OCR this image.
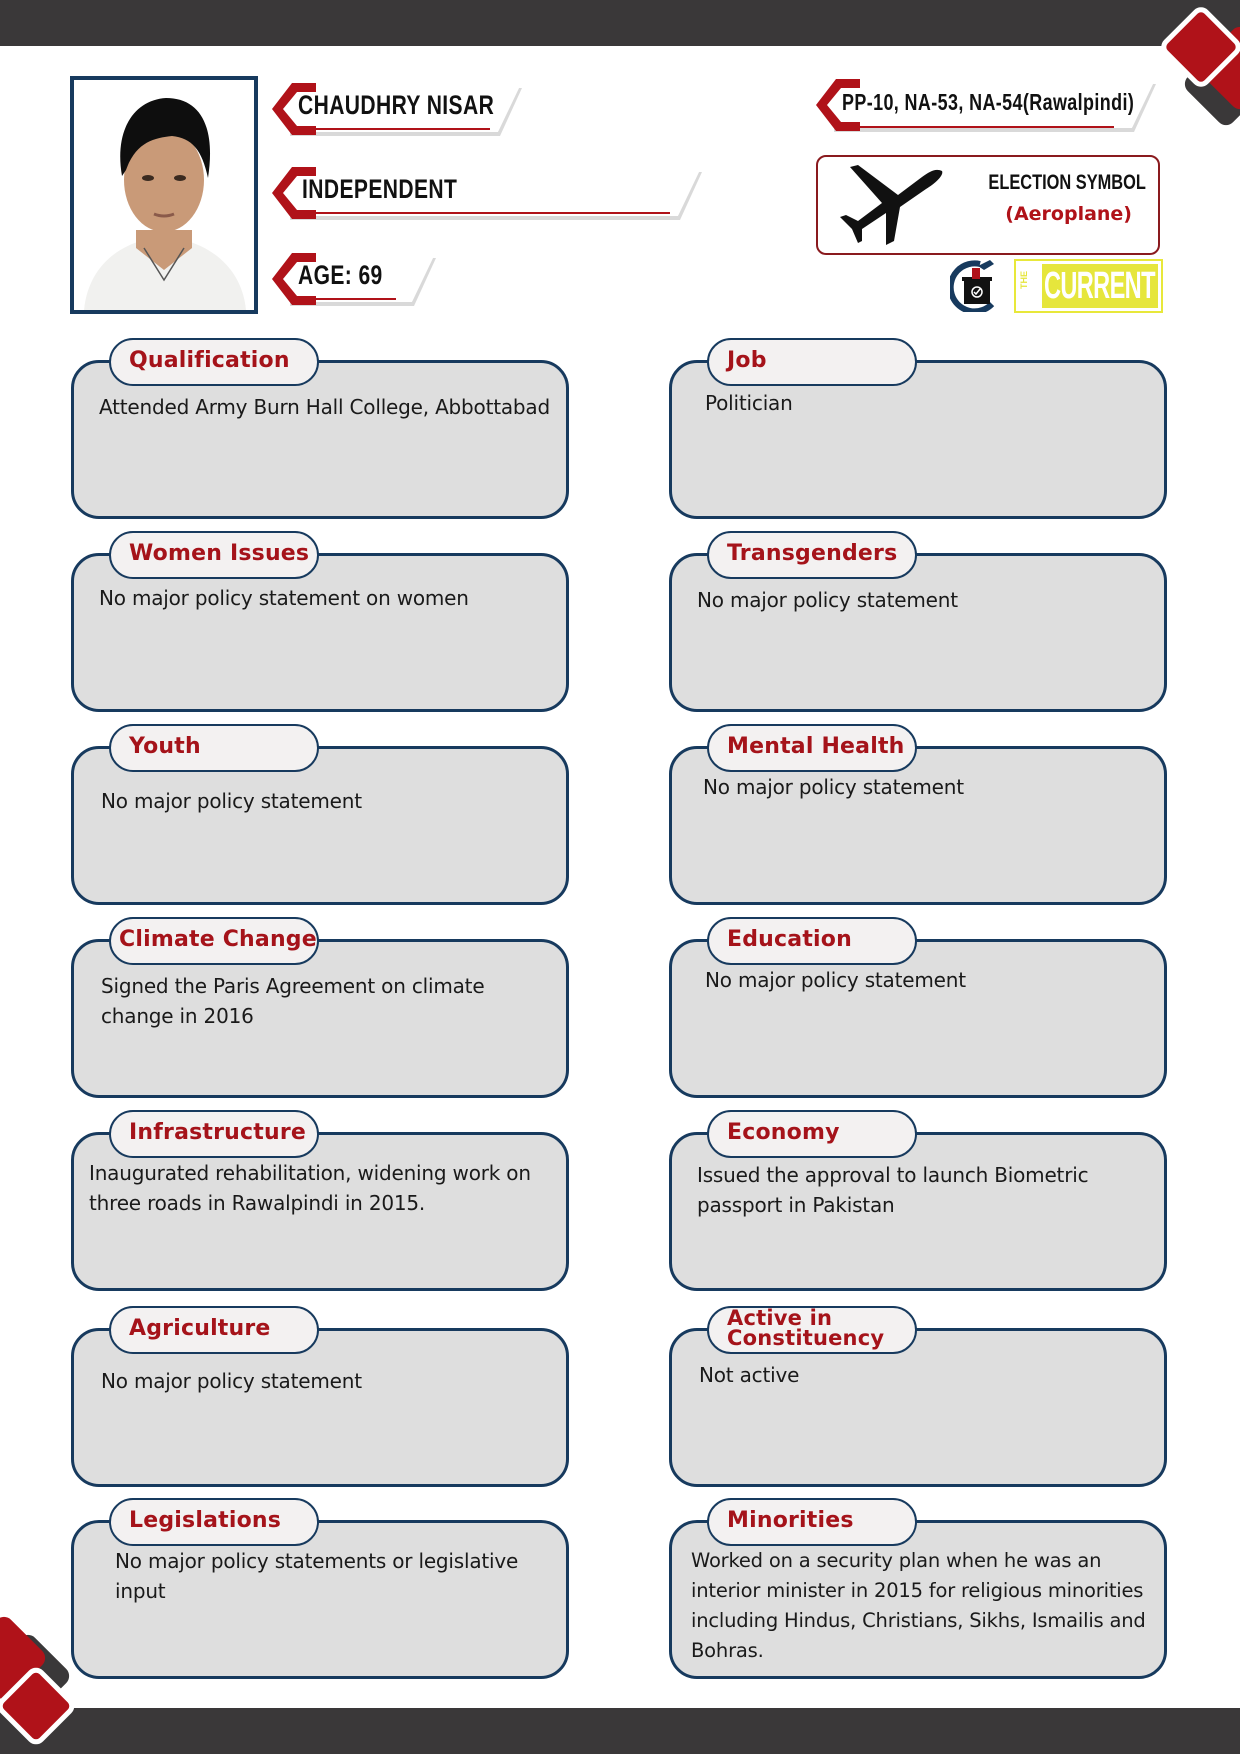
CHAUDHRY NISAR
INDEPENDENT
AGE: 69
PP-10, NA-53, NA-54(Rawalpindi)
ELECTION SYMBOL
(Aeroplane)
THE CURRENT
Qualification
Attended Army Burn Hall College, Abbottabad
Job
Politician
Women Issues
No major policy statement on women
Transgenders
No major policy statement
Youth
No major policy statement
Mental Health
No major policy statement
Climate Change
Signed the Paris Agreement on climate change in 2016
Education
No major policy statement
Infrastructure
Inaugurated rehabilitation, widening work on three roads in Rawalpindi in 2015.
Economy
Issued the approval to launch Biometric passport in Pakistan
Agriculture
No major policy statement
Active in Constituency
Not active
Legislations
No major policy statements or legislative input
Minorities
Worked on a security plan when he was an interior minister in 2015 for religious minorities including Hindus, Christians, Sikhs, Ismailis and Bohras.
